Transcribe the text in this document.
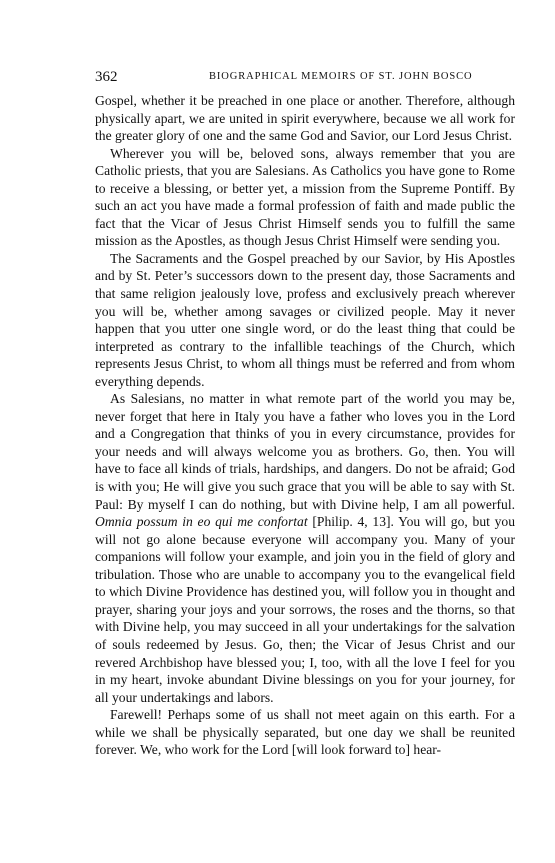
362	BIOGRAPHICAL MEMOIRS OF ST. JOHN BOSCO

Gospel, whether it be preached in one place or another. Therefore, although physically apart, we are united in spirit everywhere, because we all work for the greater glory of one and the same God and Savior, our Lord Jesus Christ.

Wherever you will be, beloved sons, always remember that you are Catholic priests, that you are Salesians. As Catholics you have gone to Rome to receive a blessing, or better yet, a mission from the Supreme Pontiff. By such an act you have made a formal profession of faith and made public the fact that the Vicar of Jesus Christ Himself sends you to fulfill the same mission as the Apostles, as though Jesus Christ Himself were sending you.

The Sacraments and the Gospel preached by our Savior, by His Apostles and by St. Peter’s successors down to the present day, those Sacraments and that same religion jealously love, profess and exclusively preach wherever you will be, whether among savages or civilized people. May it never happen that you utter one single word, or do the least thing that could be interpreted as contrary to the infallible teachings of the Church, which represents Jesus Christ, to whom all things must be referred and from whom everything depends.

As Salesians, no matter in what remote part of the world you may be, never forget that here in Italy you have a father who loves you in the Lord and a Congregation that thinks of you in every circumstance, provides for your needs and will always welcome you as brothers. Go, then. You will have to face all kinds of trials, hardships, and dangers. Do not be afraid; God is with you; He will give you such grace that you will be able to say with St. Paul: By myself I can do nothing, but with Divine help, I am all powerful. Omnia possum in eo qui me confortat [Philip. 4, 13]. You will go, but you will not go alone because everyone will accompany you. Many of your companions will follow your example, and join you in the field of glory and tribulation. Those who are unable to accompany you to the evangelical field to which Divine Providence has destined you, will follow you in thought and prayer, sharing your joys and your sorrows, the roses and the thorns, so that with Divine help, you may succeed in all your undertakings for the salvation of souls redeemed by Jesus. Go, then; the Vicar of Jesus Christ and our revered Archbishop have blessed you; I, too, with all the love I feel for you in my heart, invoke abundant Divine blessings on you for your journey, for all your undertakings and labors.

Farewell! Perhaps some of us shall not meet again on this earth. For a while we shall be physically separated, but one day we shall be reunited forever. We, who work for the Lord [will look forward to] hear-
